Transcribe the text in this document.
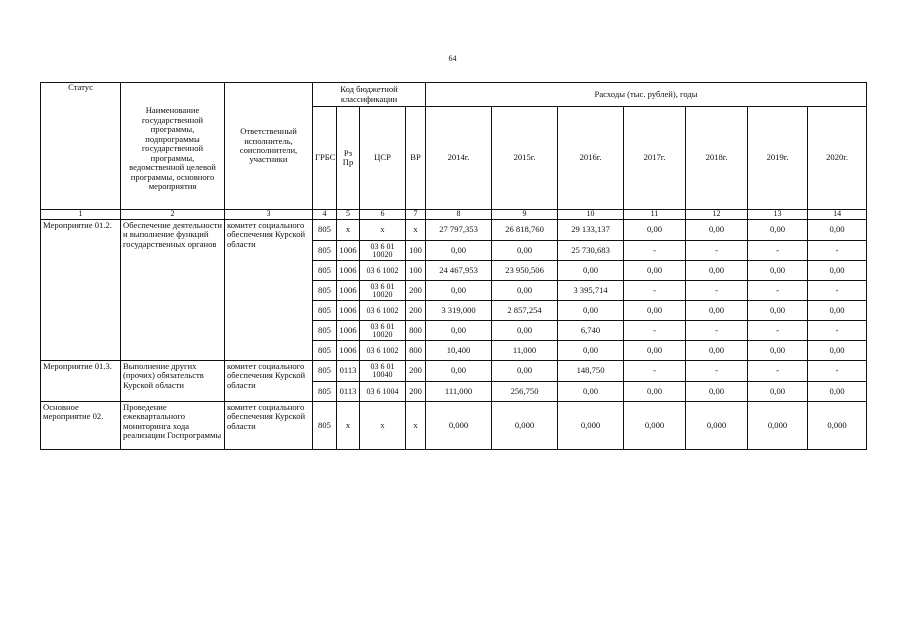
64
Статус	Наименование государственной программы, подпрограммы государственной программы, ведомственной целевой программы, основного мероприятия	Ответственный исполнитель, соисполнители, участники	Код бюджетной классификации				Расходы (тыс. рублей), годы						
			ГРБС	Рз Пр	ЦСР	ВР	2014г.	2015г.	2016г.	2017г.	2018г.	2019г.	2020г.
1	2	3	4	5	6	7	8	9	10	11	12	13	14
Мероприятие 01.2.	Обеспечение деятельности и выполнение функций государственных органов	комитет социального обеспечения Курской области	805	x	x	x	27 797,353	26 818,760	29 133,137	0,00	0,00	0,00	0,00
			805	1006	03 6 01 10020	100	0,00	0,00	25 730,683	-	-	-	-
			805	1006	03 6 1002	100	24 467,953	23 950,506	0,00	0,00	0,00	0,00	0,00
			805	1006	03 6 01 10020	200	0,00	0,00	3 395,714	-	-	-	-
			805	1006	03 6 1002	200	3 319,000	2 857,254	0,00	0,00	0,00	0,00	0,00
			805	1006	03 6 01 10020	800	0,00	0,00	6,740	-	-	-	-
			805	1006	03 6 1002	800	10,400	11,000	0,00	0,00	0,00	0,00	0,00
Мероприятие 01.3.	Выполнение других (прочих) обязательств Курской области	комитет социального обеспечения Курской области	805	0113	03 6 01 10040	200	0,00	0,00	148,750	-	-	-	-
			805	0113	03 6 1004	200	111,000	256,750	0,00	0,00	0,00	0,00	0,00
Основное мероприятие 02.	Проведение ежеквартального мониторинга хода реализации Госпрограммы	комитет социального обеспечения Курской области	805	x	x	x	0,000	0,000	0,000	0,000	0,000	0,000	0,000
